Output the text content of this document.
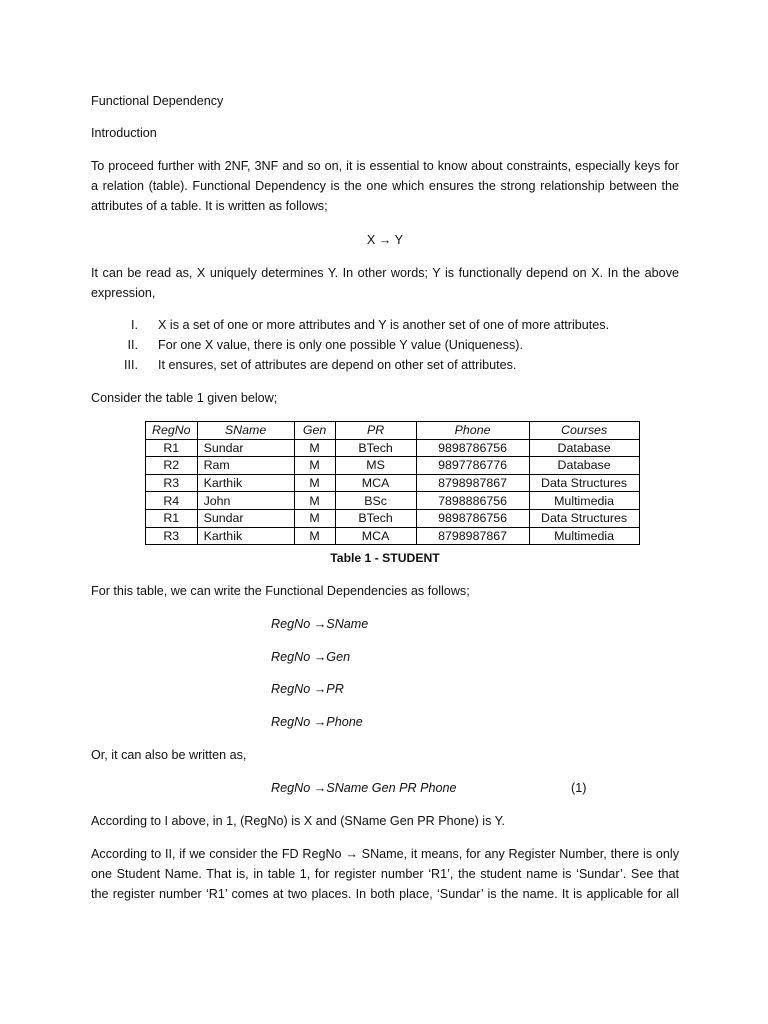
Functional Dependency
Introduction
To proceed further with 2NF, 3NF and so on, it is essential to know about constraints, especially keys for
a relation (table). Functional Dependency is the one which ensures the strong relationship between the
attributes of a table. It is written as follows;
X → Y
It can be read as, X uniquely determines Y. In other words; Y is functionally depend on X. In the above
expression,
I. X is a set of one or more attributes and Y is another set of one of more attributes.
II. For one X value, there is only one possible Y value (Uniqueness).
III. It ensures, set of attributes are depend on other set of attributes.
Consider the table 1 given below;
RegNo	SName	Gen	PR	Phone	Courses
R1	Sundar	M	BTech	9898786756	Database
R2	Ram	M	MS	9897786776	Database
R3	Karthik	M	MCA	8798987867	Data Structures
R4	John	M	BSc	7898886756	Multimedia
R1	Sundar	M	BTech	9898786756	Data Structures
R3	Karthik	M	MCA	8798987867	Multimedia
Table 1 - STUDENT
For this table, we can write the Functional Dependencies as follows;
RegNo →SName
RegNo →Gen
RegNo →PR
RegNo →Phone
Or, it can also be written as,
RegNo →SName Gen PR Phone	(1)
According to I above, in 1, (RegNo) is X and (SName Gen PR Phone) is Y.
According to II, if we consider the FD RegNo → SName, it means, for any Register Number, there is only
one Student Name. That is, in table 1, for register number ‘R1’, the student name is ‘Sundar’. See that
the register number ‘R1’ comes at two places. In both place, ‘Sundar’ is the name. It is applicable for all
